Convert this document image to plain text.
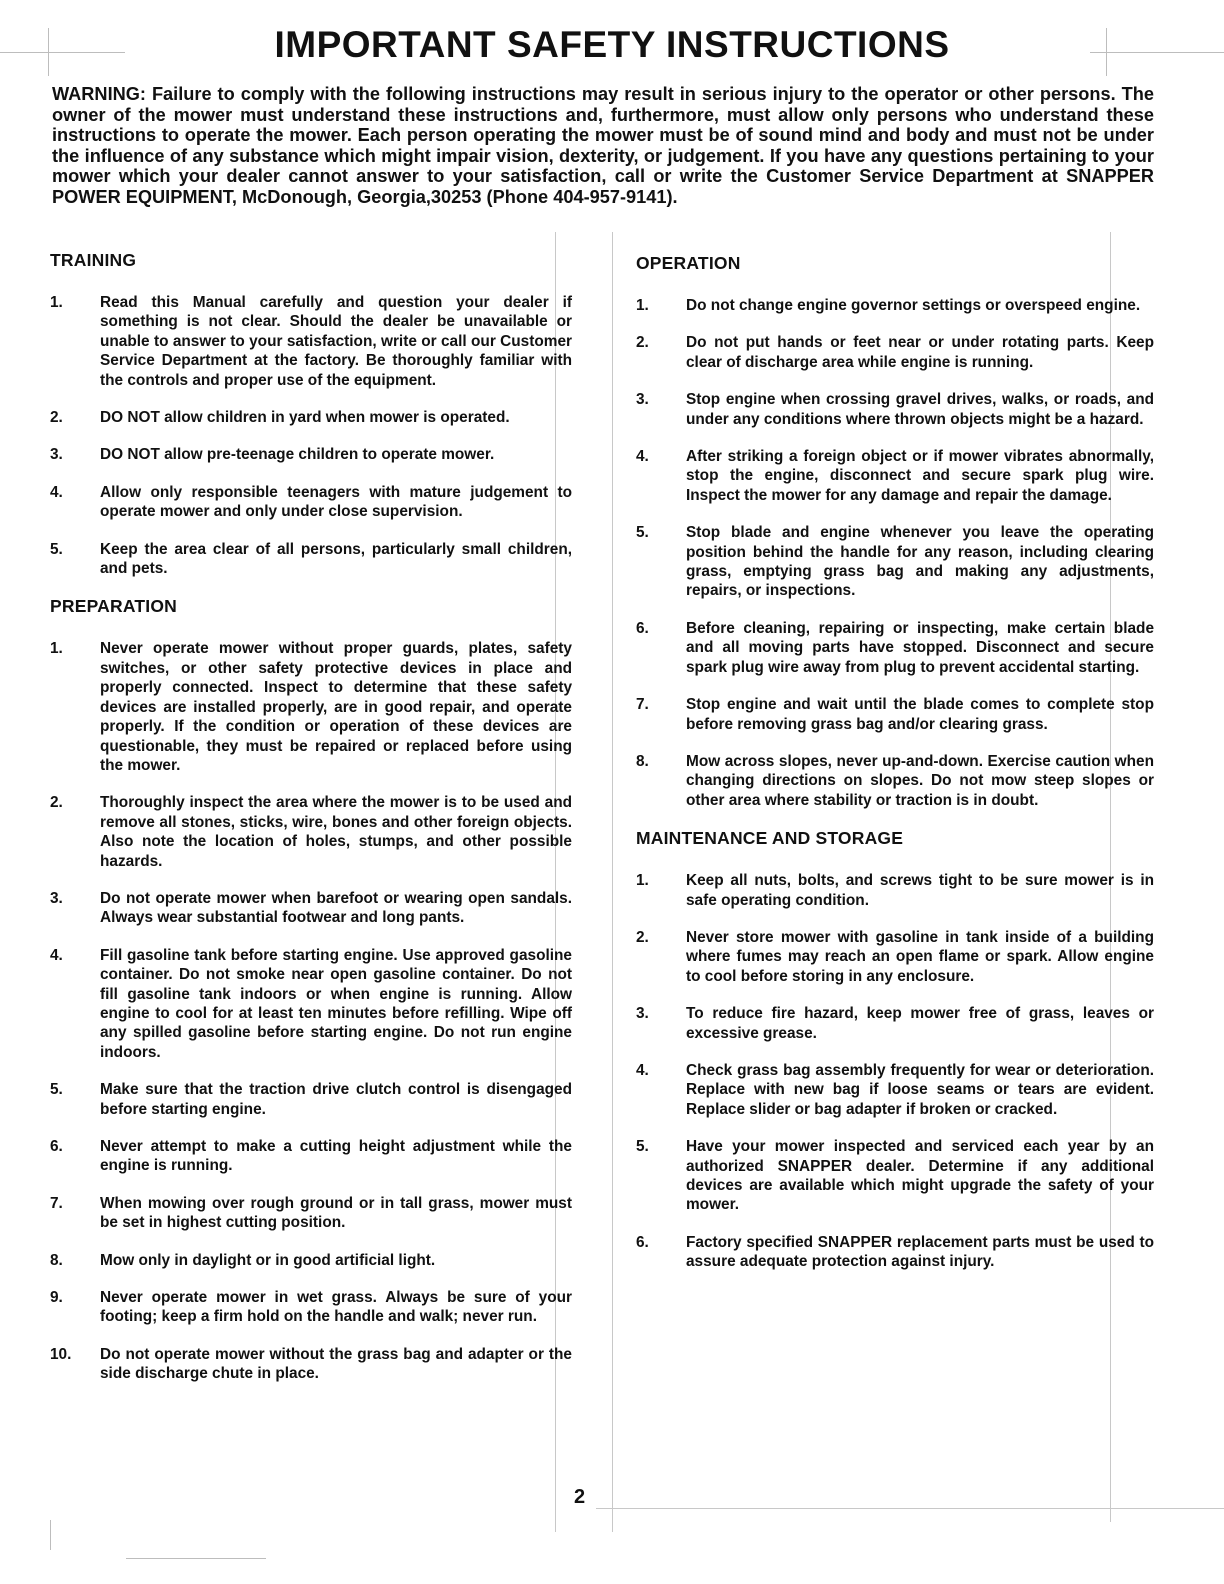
IMPORTANT SAFETY INSTRUCTIONS

WARNING: Failure to comply with the following instructions may result in serious injury to the operator or other persons. The owner of the mower must understand these instructions and, furthermore, must allow only persons who understand these instructions to operate the mower. Each person operating the mower must be of sound mind and body and must not be under the influence of any substance which might impair vision, dexterity, or judgement. If you have any questions pertaining to your mower which your dealer cannot answer to your satisfaction, call or write the Customer Service Department at SNAPPER POWER EQUIPMENT, McDonough, Georgia,30253 (Phone 404-957-9141).

TRAINING
1.	Read this Manual carefully and question your dealer if something is not clear. Should the dealer be unavailable or unable to answer to your satisfaction, write or call our Customer Service Department at the factory. Be thoroughly familiar with the controls and proper use of the equipment.
2.	DO NOT allow children in yard when mower is operated.
3.	DO NOT allow pre-teenage children to operate mower.
4.	Allow only responsible teenagers with mature judgement to operate mower and only under close supervision.
5.	Keep the area clear of all persons, particularly small children, and pets.
PREPARATION
1.	Never operate mower without proper guards, plates, safety switches, or other safety protective devices in place and properly connected. Inspect to determine that these safety devices are installed properly, are in good repair, and operate properly. If the condition or operation of these devices are questionable, they must be repaired or replaced before using the mower.
2.	Thoroughly inspect the area where the mower is to be used and remove all stones, sticks, wire, bones and other foreign objects. Also note the location of holes, stumps, and other possible hazards.
3.	Do not operate mower when barefoot or wearing open sandals. Always wear substantial footwear and long pants.
4.	Fill gasoline tank before starting engine. Use approved gasoline container. Do not smoke near open gasoline container. Do not fill gasoline tank indoors or when engine is running. Allow engine to cool for at least ten minutes before refilling. Wipe off any spilled gasoline before starting engine. Do not run engine indoors.
5.	Make sure that the traction drive clutch control is disengaged before starting engine.
6.	Never attempt to make a cutting height adjustment while the engine is running.
7.	When mowing over rough ground or in tall grass, mower must be set in highest cutting position.
8.	Mow only in daylight or in good artificial light.
9.	Never operate mower in wet grass. Always be sure of your footing; keep a firm hold on the handle and walk; never run.
10.	Do not operate mower without the grass bag and adapter or the side discharge chute in place.
OPERATION
1.	Do not change engine governor settings or overspeed engine.
2.	Do not put hands or feet near or under rotating parts. Keep clear of discharge area while engine is running.
3.	Stop engine when crossing gravel drives, walks, or roads, and under any conditions where thrown objects might be a hazard.
4.	After striking a foreign object or if mower vibrates abnormally, stop the engine, disconnect and secure spark plug wire. Inspect the mower for any damage and repair the damage.
5.	Stop blade and engine whenever you leave the operating position behind the handle for any reason, including clearing grass, emptying grass bag and making any adjustments, repairs, or inspections.
6.	Before cleaning, repairing or inspecting, make certain blade and all moving parts have stopped. Disconnect and secure spark plug wire away from plug to prevent accidental starting.
7.	Stop engine and wait until the blade comes to complete stop before removing grass bag and/or clearing grass.
8.	Mow across slopes, never up-and-down. Exercise caution when changing directions on slopes. Do not mow steep slopes or other area where stability or traction is in doubt.
MAINTENANCE AND STORAGE
1.	Keep all nuts, bolts, and screws tight to be sure mower is in safe operating condition.
2.	Never store mower with gasoline in tank inside of a building where fumes may reach an open flame or spark. Allow engine to cool before storing in any enclosure.
3.	To reduce fire hazard, keep mower free of grass, leaves or excessive grease.
4.	Check grass bag assembly frequently for wear or deterioration. Replace with new bag if loose seams or tears are evident. Replace slider or bag adapter if broken or cracked.
5.	Have your mower inspected and serviced each year by an authorized SNAPPER dealer. Determine if any additional devices are available which might upgrade the safety of your mower.
6.	Factory specified SNAPPER replacement parts must be used to assure adequate protection against injury.
2
